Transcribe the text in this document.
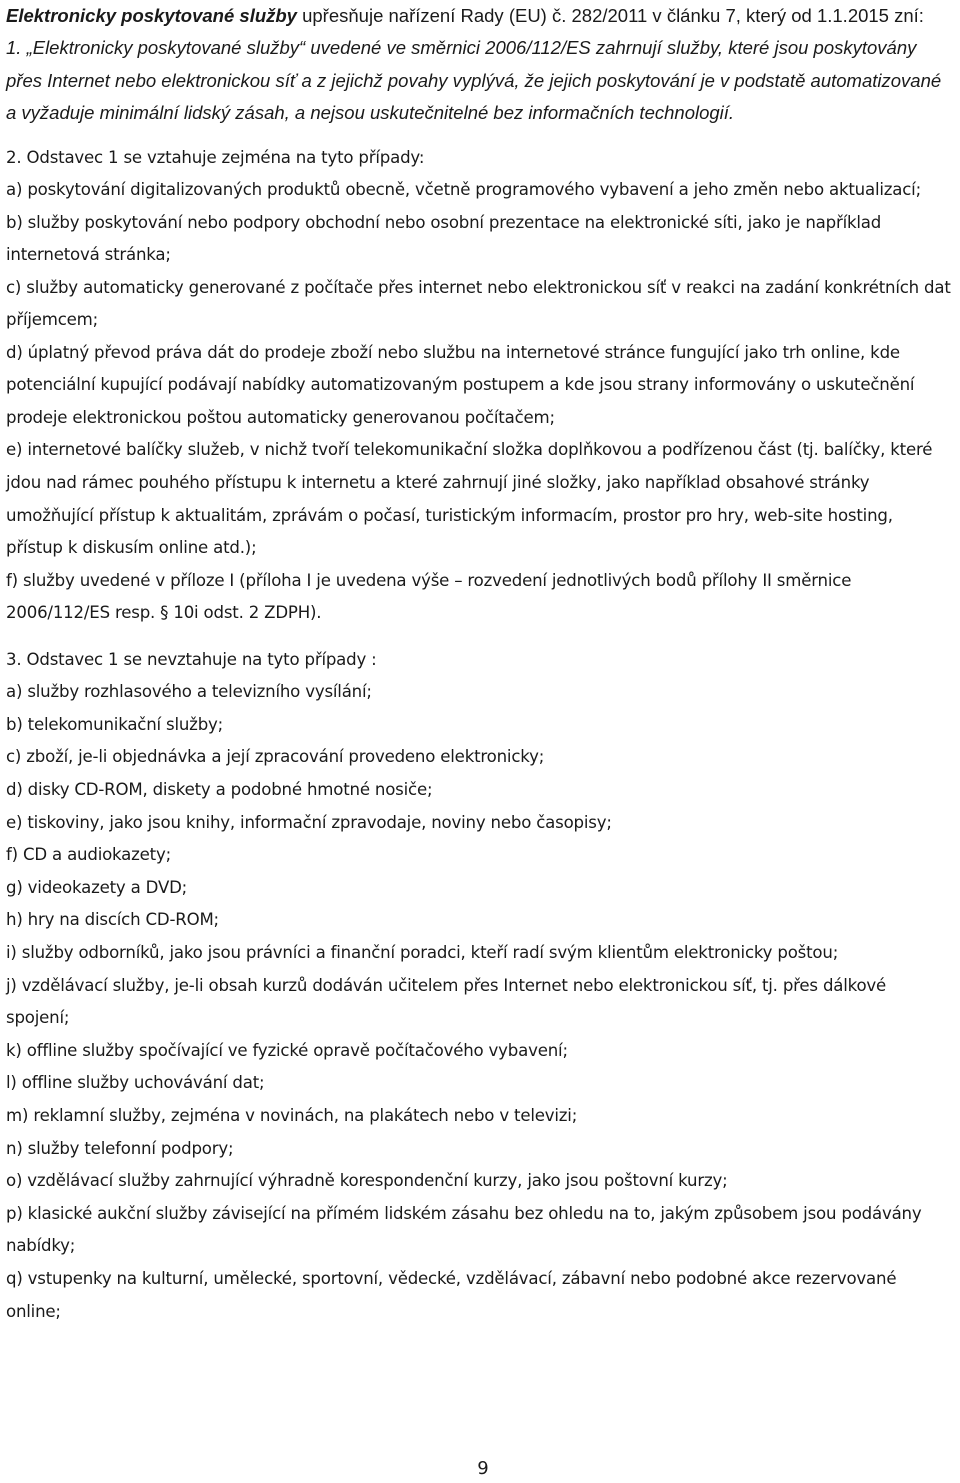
Elektronicky poskytované služby upřesňuje nařízení Rady (EU) č. 282/2011 v článku 7, který od 1.1.2015 zní:

1. „Elektronicky poskytované služby“ uvedené ve směrnici 2006/112/ES zahrnují služby, které jsou poskytovány přes Internet nebo elektronickou síť a z jejichž povahy vyplývá, že jejich poskytování je v podstatě automatizované a vyžaduje minimální lidský zásah, a nejsou uskutečnitelné bez informačních technologií.

2. Odstavec 1 se vztahuje zejména na tyto případy:

a) poskytování digitalizovaných produktů obecně, včetně programového vybavení a jeho změn nebo aktualizací;

b) služby poskytování nebo podpory obchodní nebo osobní prezentace na elektronické síti, jako je například internetová stránka;

c) služby automaticky generované z počítače přes internet nebo elektronickou síť v reakci na zadání konkrétních dat příjemcem;

d) úplatný převod práva dát do prodeje zboží nebo službu na internetové stránce fungující jako trh online, kde potenciální kupující podávají nabídky automatizovaným postupem a kde jsou strany informovány o uskutečnění prodeje elektronickou poštou automaticky generovanou počítačem;

e) internetové balíčky služeb, v nichž tvoří telekomunikační složka doplňkovou a podřízenou část (tj. balíčky, které jdou nad rámec pouhého přístupu k internetu a které zahrnují jiné složky, jako například obsahové stránky umožňující přístup k aktualitám, zprávám o počasí, turistickým informacím, prostor pro hry, web-site hosting, přístup k diskusím online atd.);

f) služby uvedené v příloze I (příloha I je uvedena výše – rozvedení jednotlivých bodů přílohy II směrnice 2006/112/ES resp. § 10i odst. 2 ZDPH).

3. Odstavec 1 se nevztahuje na tyto případy :

a) služby rozhlasového a televizního vysílání;

b) telekomunikační služby;

c) zboží, je-li objednávka a její zpracování provedeno elektronicky;

d) disky CD-ROM, diskety a podobné hmotné nosiče;

e) tiskoviny, jako jsou knihy, informační zpravodaje, noviny nebo časopisy;

f) CD a audiokazety;

g) videokazety a DVD;

h) hry na discích CD-ROM;

i) služby odborníků, jako jsou právníci a finanční poradci, kteří radí svým klientům elektronicky poštou;

j) vzdělávací služby, je-li obsah kurzů dodáván učitelem přes Internet nebo elektronickou síť, tj. přes dálkové spojení;

k) offline služby spočívající ve fyzické opravě počítačového vybavení;

l) offline služby uchovávání dat;

m) reklamní služby, zejména v novinách, na plakátech nebo v televizi;

n) služby telefonní podpory;

o) vzdělávací služby zahrnující výhradně korespondenční kurzy, jako jsou poštovní kurzy;

p) klasické aukční služby závisející na přímém lidském zásahu bez ohledu na to, jakým způsobem jsou podávány nabídky;

q) vstupenky na kulturní, umělecké, sportovní, vědecké, vzdělávací, zábavní nebo podobné akce rezervované online;

9
